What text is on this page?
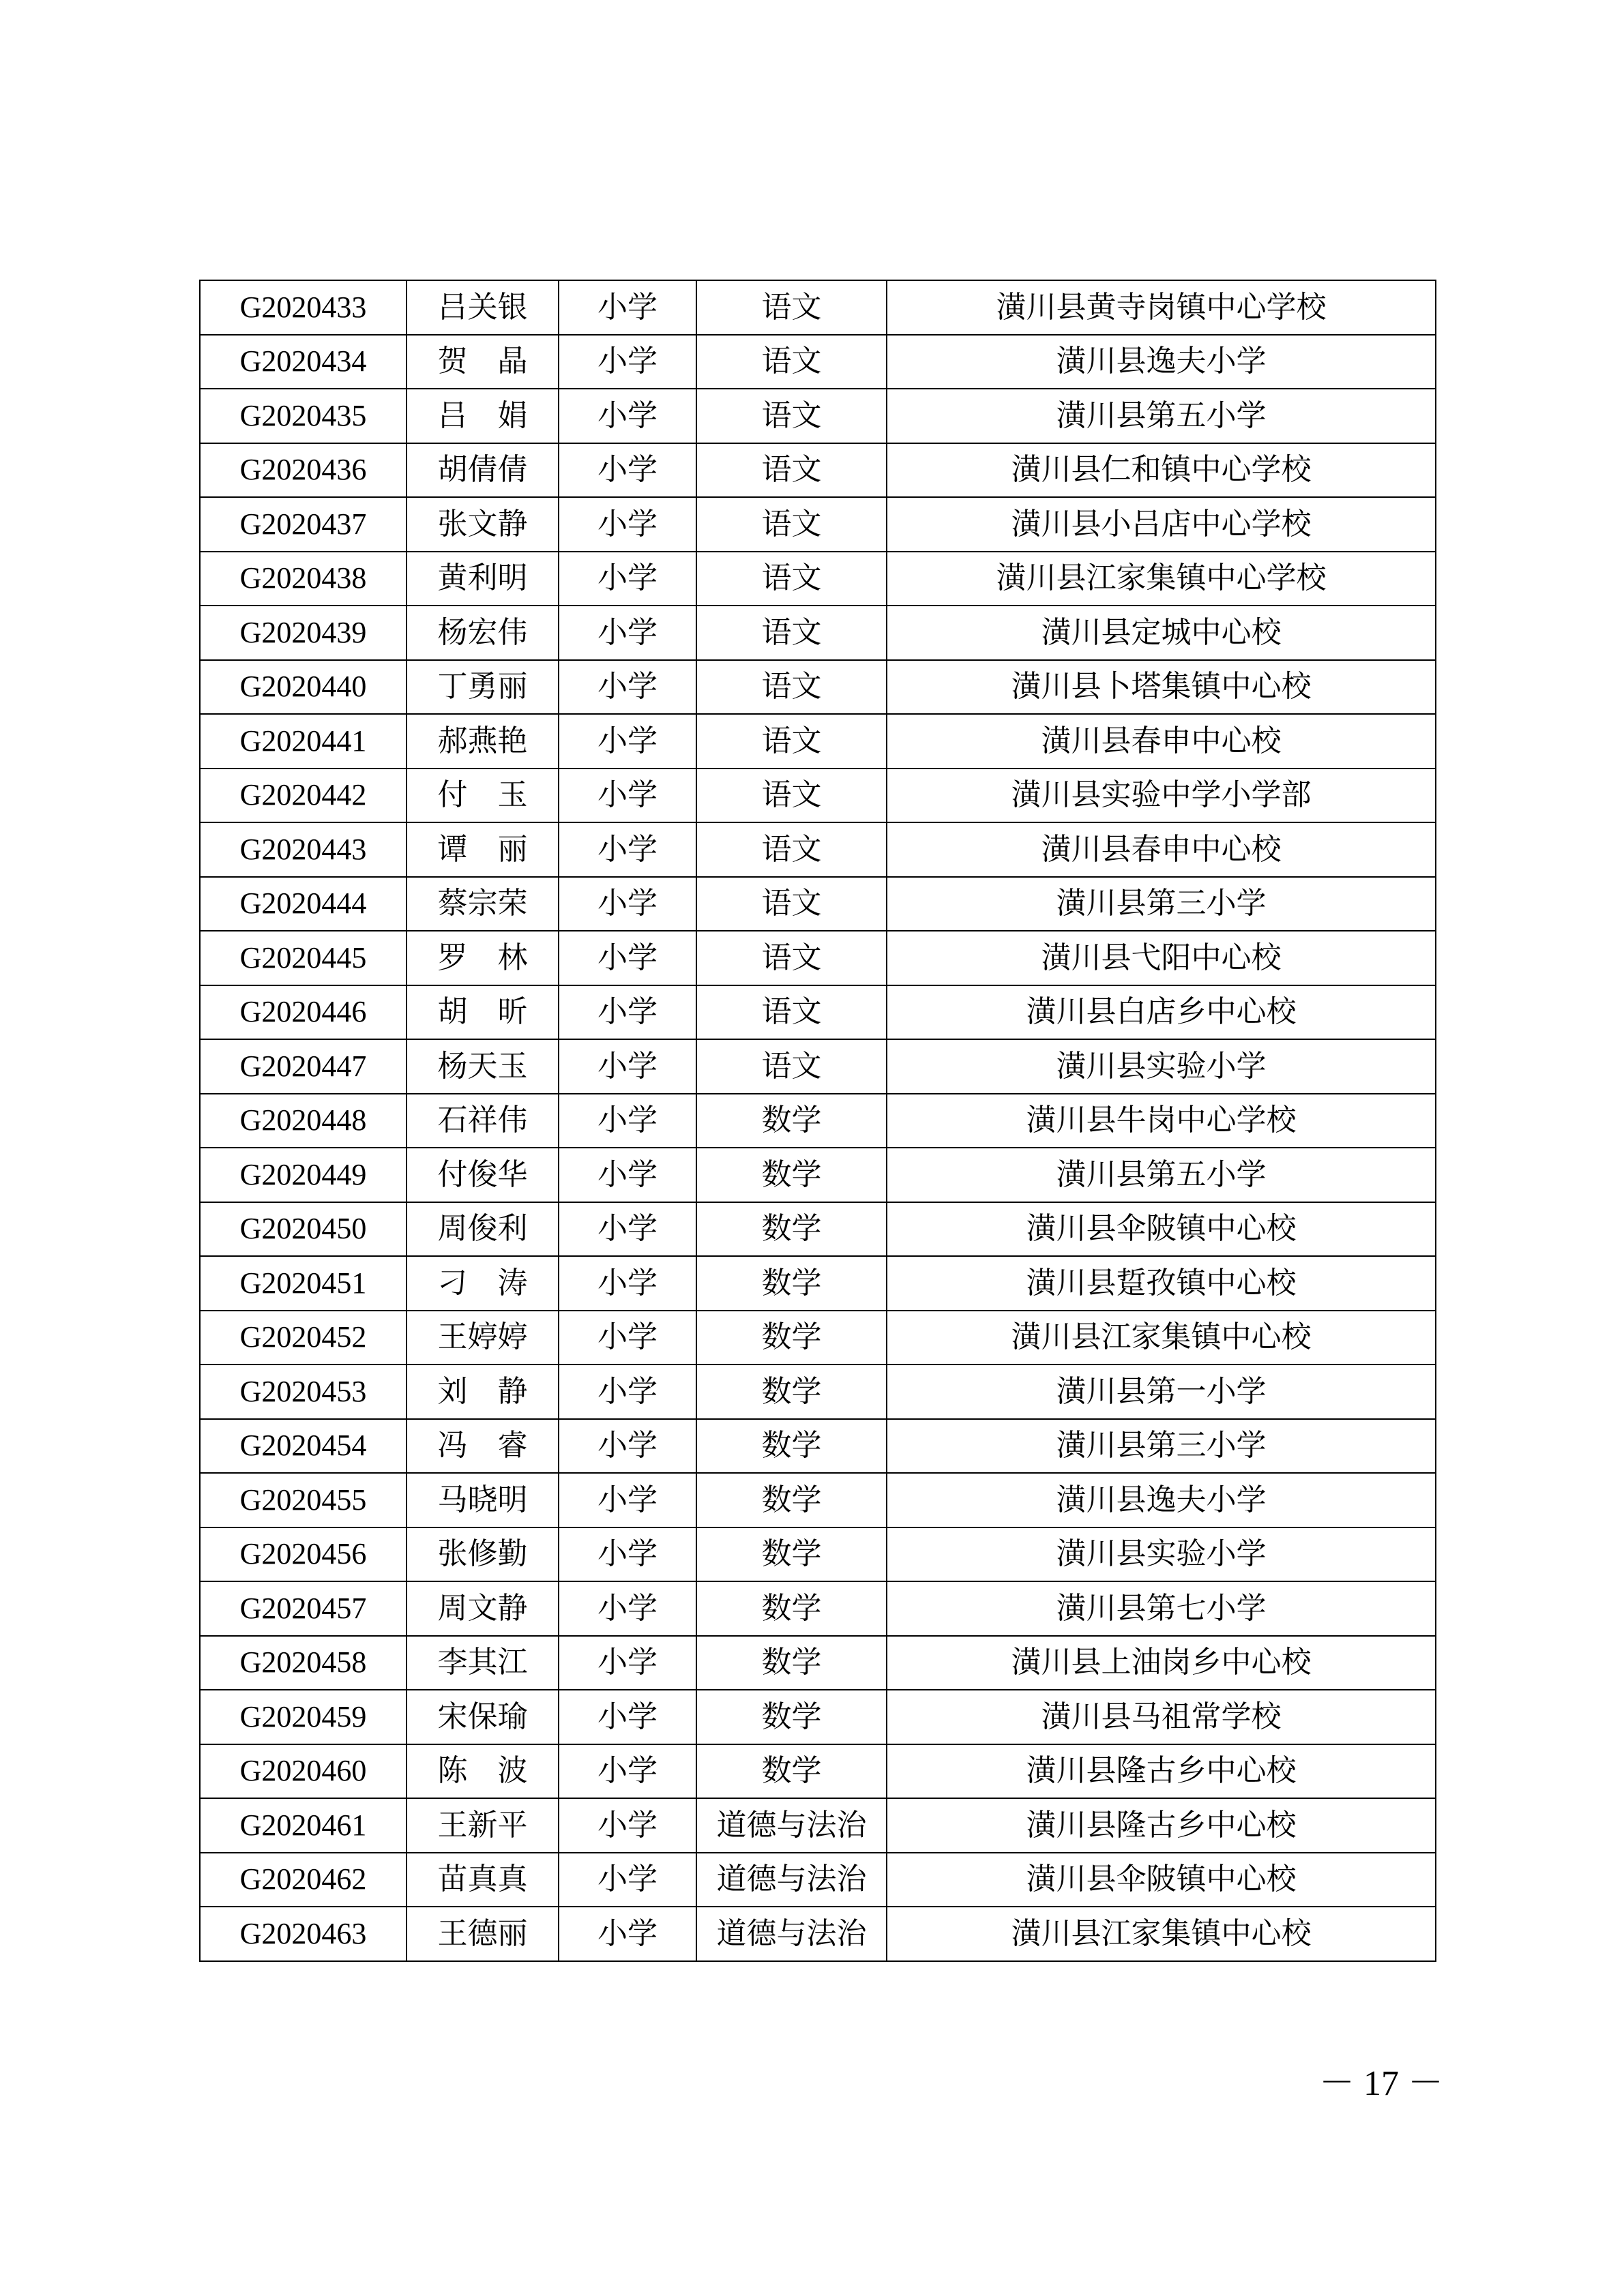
G2020433	吕关银	小学	语文	潢川县黄寺岗镇中心学校
G2020434	贺　晶	小学	语文	潢川县逸夫小学
G2020435	吕　娟	小学	语文	潢川县第五小学
G2020436	胡倩倩	小学	语文	潢川县仁和镇中心学校
G2020437	张文静	小学	语文	潢川县小吕店中心学校
G2020438	黄利明	小学	语文	潢川县江家集镇中心学校
G2020439	杨宏伟	小学	语文	潢川县定城中心校
G2020440	丁勇丽	小学	语文	潢川县卜塔集镇中心校
G2020441	郝燕艳	小学	语文	潢川县春申中心校
G2020442	付　玉	小学	语文	潢川县实验中学小学部
G2020443	谭　丽	小学	语文	潢川县春申中心校
G2020444	蔡宗荣	小学	语文	潢川县第三小学
G2020445	罗　林	小学	语文	潢川县弋阳中心校
G2020446	胡　昕	小学	语文	潢川县白店乡中心校
G2020447	杨天玉	小学	语文	潢川县实验小学
G2020448	石祥伟	小学	数学	潢川县牛岗中心学校
G2020449	付俊华	小学	数学	潢川县第五小学
G2020450	周俊利	小学	数学	潢川县伞陂镇中心校
G2020451	刁　涛	小学	数学	潢川县踅孜镇中心校
G2020452	王婷婷	小学	数学	潢川县江家集镇中心校
G2020453	刘　静	小学	数学	潢川县第一小学
G2020454	冯　睿	小学	数学	潢川县第三小学
G2020455	马晓明	小学	数学	潢川县逸夫小学
G2020456	张修勤	小学	数学	潢川县实验小学
G2020457	周文静	小学	数学	潢川县第七小学
G2020458	李其江	小学	数学	潢川县上油岗乡中心校
G2020459	宋保瑜	小学	数学	潢川县马祖常学校
G2020460	陈　波	小学	数学	潢川县隆古乡中心校
G2020461	王新平	小学	道德与法治	潢川县隆古乡中心校
G2020462	苗真真	小学	道德与法治	潢川县伞陂镇中心校
G2020463	王德丽	小学	道德与法治	潢川县江家集镇中心校
－ 17 －
